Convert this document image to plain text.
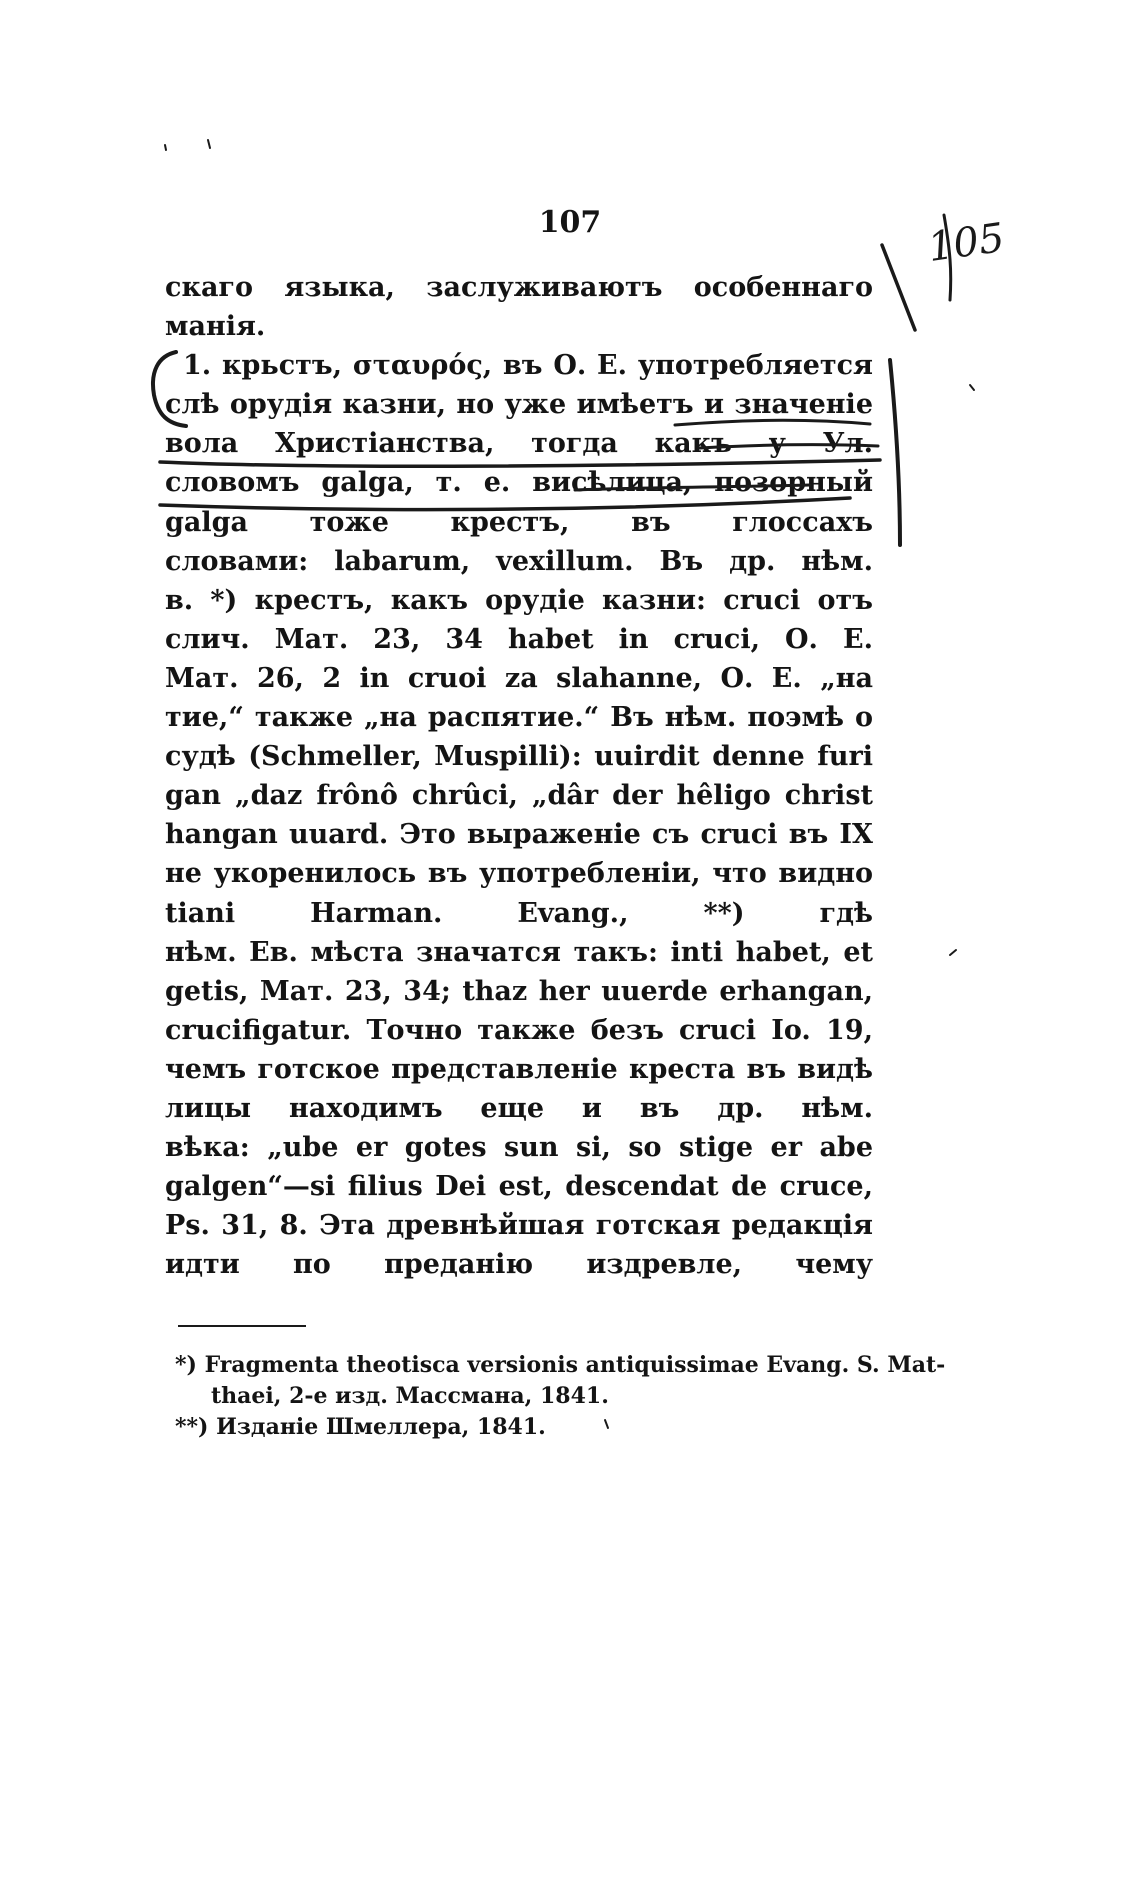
107
скаго языка, заслуживаютъ особеннаго
манія.
1. крьстъ, σταυρός, въ О. Е. употребляется
слѣ орудія казни, но уже имѣетъ и значеніе
вола Христіанства, тогда какъ у Ул.
словомъ galga, т. е. висѣлица, позорный
galga тоже крестъ, въ глоссахъ
словами: labarum, vexillum. Въ др. нѣм.
в. *) крестъ, какъ орудіе казни: cruci отъ
слич. Мат. 23, 34 habet in cruci, О. Е.
Мат. 26, 2 in cruoi za slahanne, О. Е. „на
тие,“ также „на распятие.“ Въ нѣм. поэмѣ о
судѣ (Schmeller, Muspilli): uuirdit denne furi
gan „daz frônô chrûci, „dâr der hêligo christ
hangan uuard. Это выраженіе съ cruci въ IX
не укоренилось въ употребленіи, что видно
tiani Harman. Evang., **) гдѣ
нѣм. Ев. мѣста значатся такъ: inti habet, et
getis, Мат. 23, 34; thaz her uuerde erhangan,
crucifigatur. Точно также безъ cruci Io. 19,
чемъ готское представленіе креста въ видѣ
лицы находимъ еще и въ др. нѣм.
вѣка: „ube er gotes sun si, so stige er abe
galgen“—si filius Dei est, descendat de cruce,
Ps. 31, 8. Эта древнѣйшая готская редакція
идти по преданію издревле, чему
*) Fragmenta theotisca versionis antiquissimae Evang. S. Mat-
thaei, 2-е изд. Массмана, 1841.
**) Изданіе Шмеллера, 1841.
105
